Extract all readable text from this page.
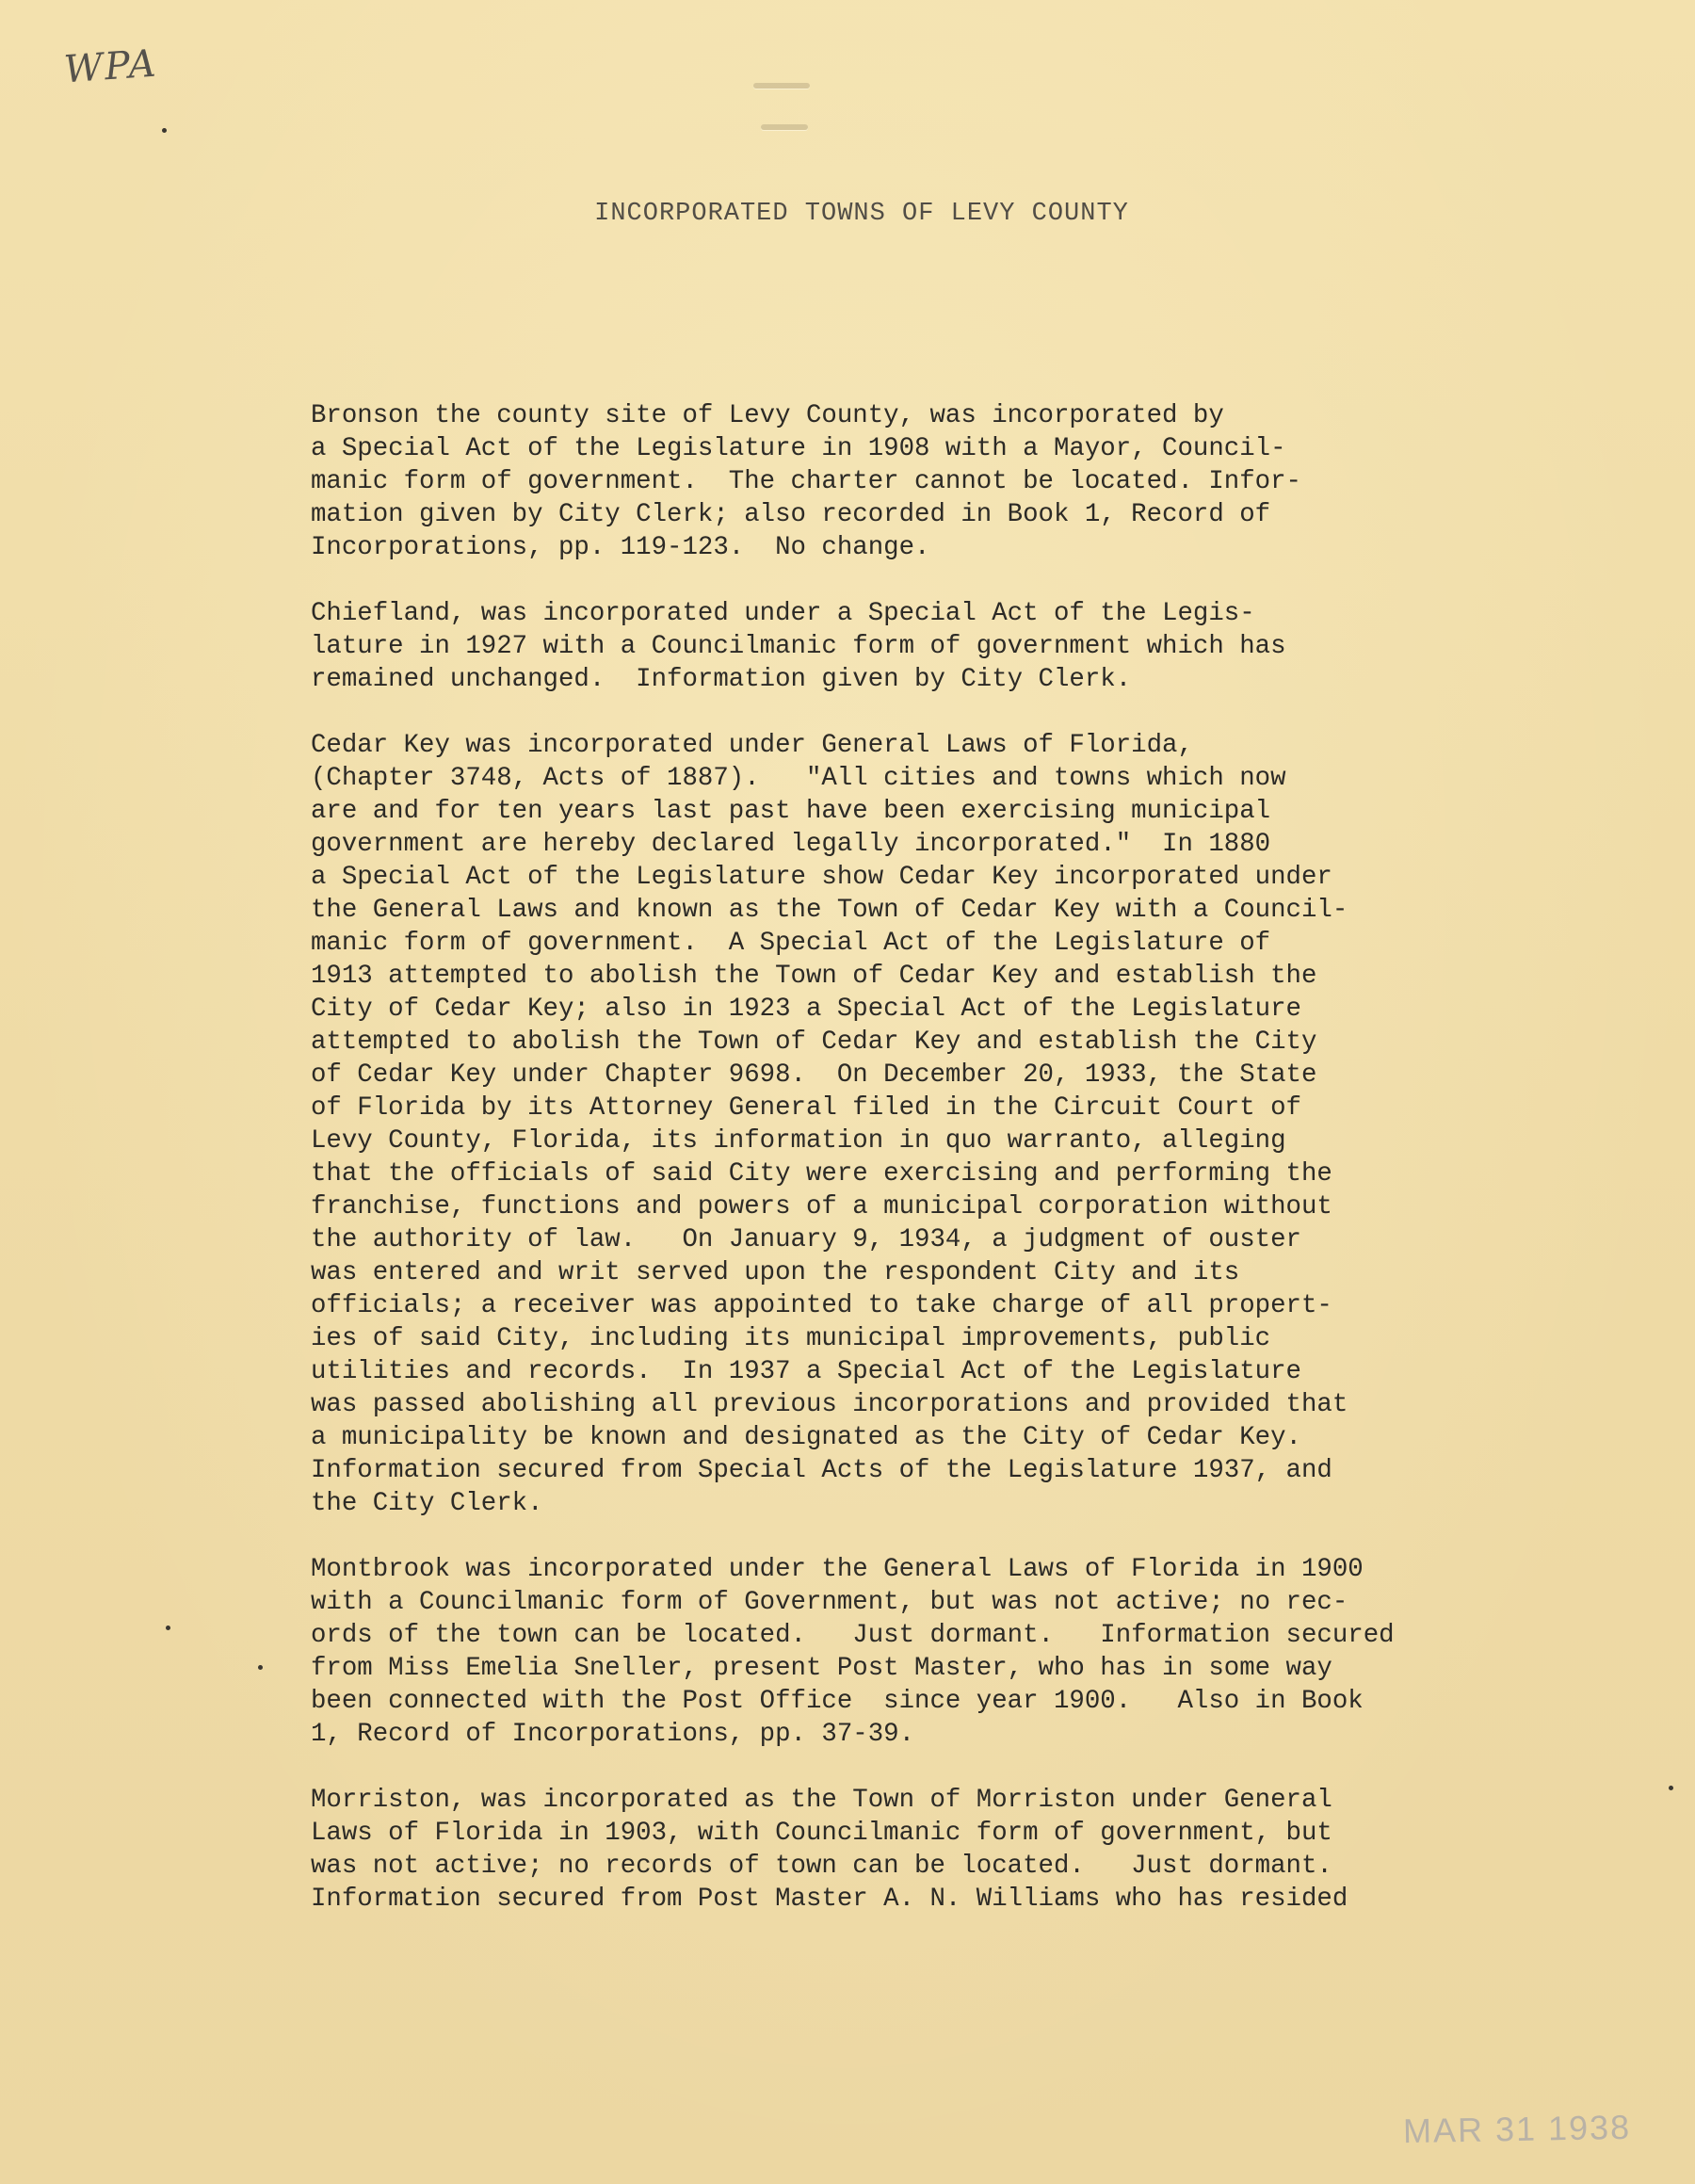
WPA
INCORPORATED TOWNS OF LEVY COUNTY
Bronson the county site of Levy County, was incorporated by
a Special Act of the Legislature in 1908 with a Mayor, Council-
manic form of government.  The charter cannot be located. Infor-
mation given by City Clerk; also recorded in Book 1, Record of
Incorporations, pp. 119-123.  No change.
Chiefland, was incorporated under a Special Act of the Legis-
lature in 1927 with a Councilmanic form of government which has
remained unchanged.  Information given by City Clerk.
Cedar Key was incorporated under General Laws of Florida,
(Chapter 3748, Acts of 1887).   "All cities and towns which now
are and for ten years last past have been exercising municipal
government are hereby declared legally incorporated."  In 1880
a Special Act of the Legislature show Cedar Key incorporated under
the General Laws and known as the Town of Cedar Key with a Council-
manic form of government.  A Special Act of the Legislature of
1913 attempted to abolish the Town of Cedar Key and establish the
City of Cedar Key; also in 1923 a Special Act of the Legislature
attempted to abolish the Town of Cedar Key and establish the City
of Cedar Key under Chapter 9698.  On December 20, 1933, the State
of Florida by its Attorney General filed in the Circuit Court of
Levy County, Florida, its information in quo warranto, alleging
that the officials of said City were exercising and performing the
franchise, functions and powers of a municipal corporation without
the authority of law.   On January 9, 1934, a judgment of ouster
was entered and writ served upon the respondent City and its
officials; a receiver was appointed to take charge of all propert-
ies of said City, including its municipal improvements, public
utilities and records.  In 1937 a Special Act of the Legislature
was passed abolishing all previous incorporations and provided that
a municipality be known and designated as the City of Cedar Key.
Information secured from Special Acts of the Legislature 1937, and
the City Clerk.
Montbrook was incorporated under the General Laws of Florida in 1900
with a Councilmanic form of Government, but was not active; no rec-
ords of the town can be located.   Just dormant.   Information secured
from Miss Emelia Sneller, present Post Master, who has in some way
been connected with the Post Office  since year 1900.   Also in Book
1, Record of Incorporations, pp. 37-39.
Morriston, was incorporated as the Town of Morriston under General
Laws of Florida in 1903, with Councilmanic form of government, but
was not active; no records of town can be located.   Just dormant.
Information secured from Post Master A. N. Williams who has resided
MAR 31 1938
